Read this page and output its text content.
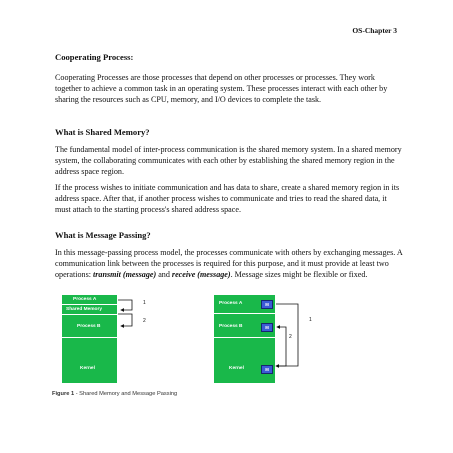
OS-Chapter 3
Cooperating Process:
Cooperating Processes are those processes that depend on other processes or processes. They work together to achieve a common task in an operating system. These processes interact with each other by sharing the resources such as CPU, memory, and I/O devices to complete the task.
What is Shared Memory?
The fundamental model of inter-process communication is the shared memory system. In a shared memory system, the collaborating communicates with each other by establishing the shared memory region in the address space region.
If the process wishes to initiate communication and has data to share, create a shared memory region in its address space. After that, if another process wishes to communicate and tries to read the shared data, it must attach to the starting process's shared address space.
What is Message Passing?
In this message-passing process model, the processes communicate with others by exchanging messages. A communication link between the processes is required for this purpose, and it must provide at least two operations: transmit (message) and receive (message). Message sizes might be flexible or fixed.
Process A
Shared Memory
Process B
Kernel
1
2
Process A	M
Process B	M
Kernel	M
1
2
Figure 1 - Shared Memory and Message Passing
